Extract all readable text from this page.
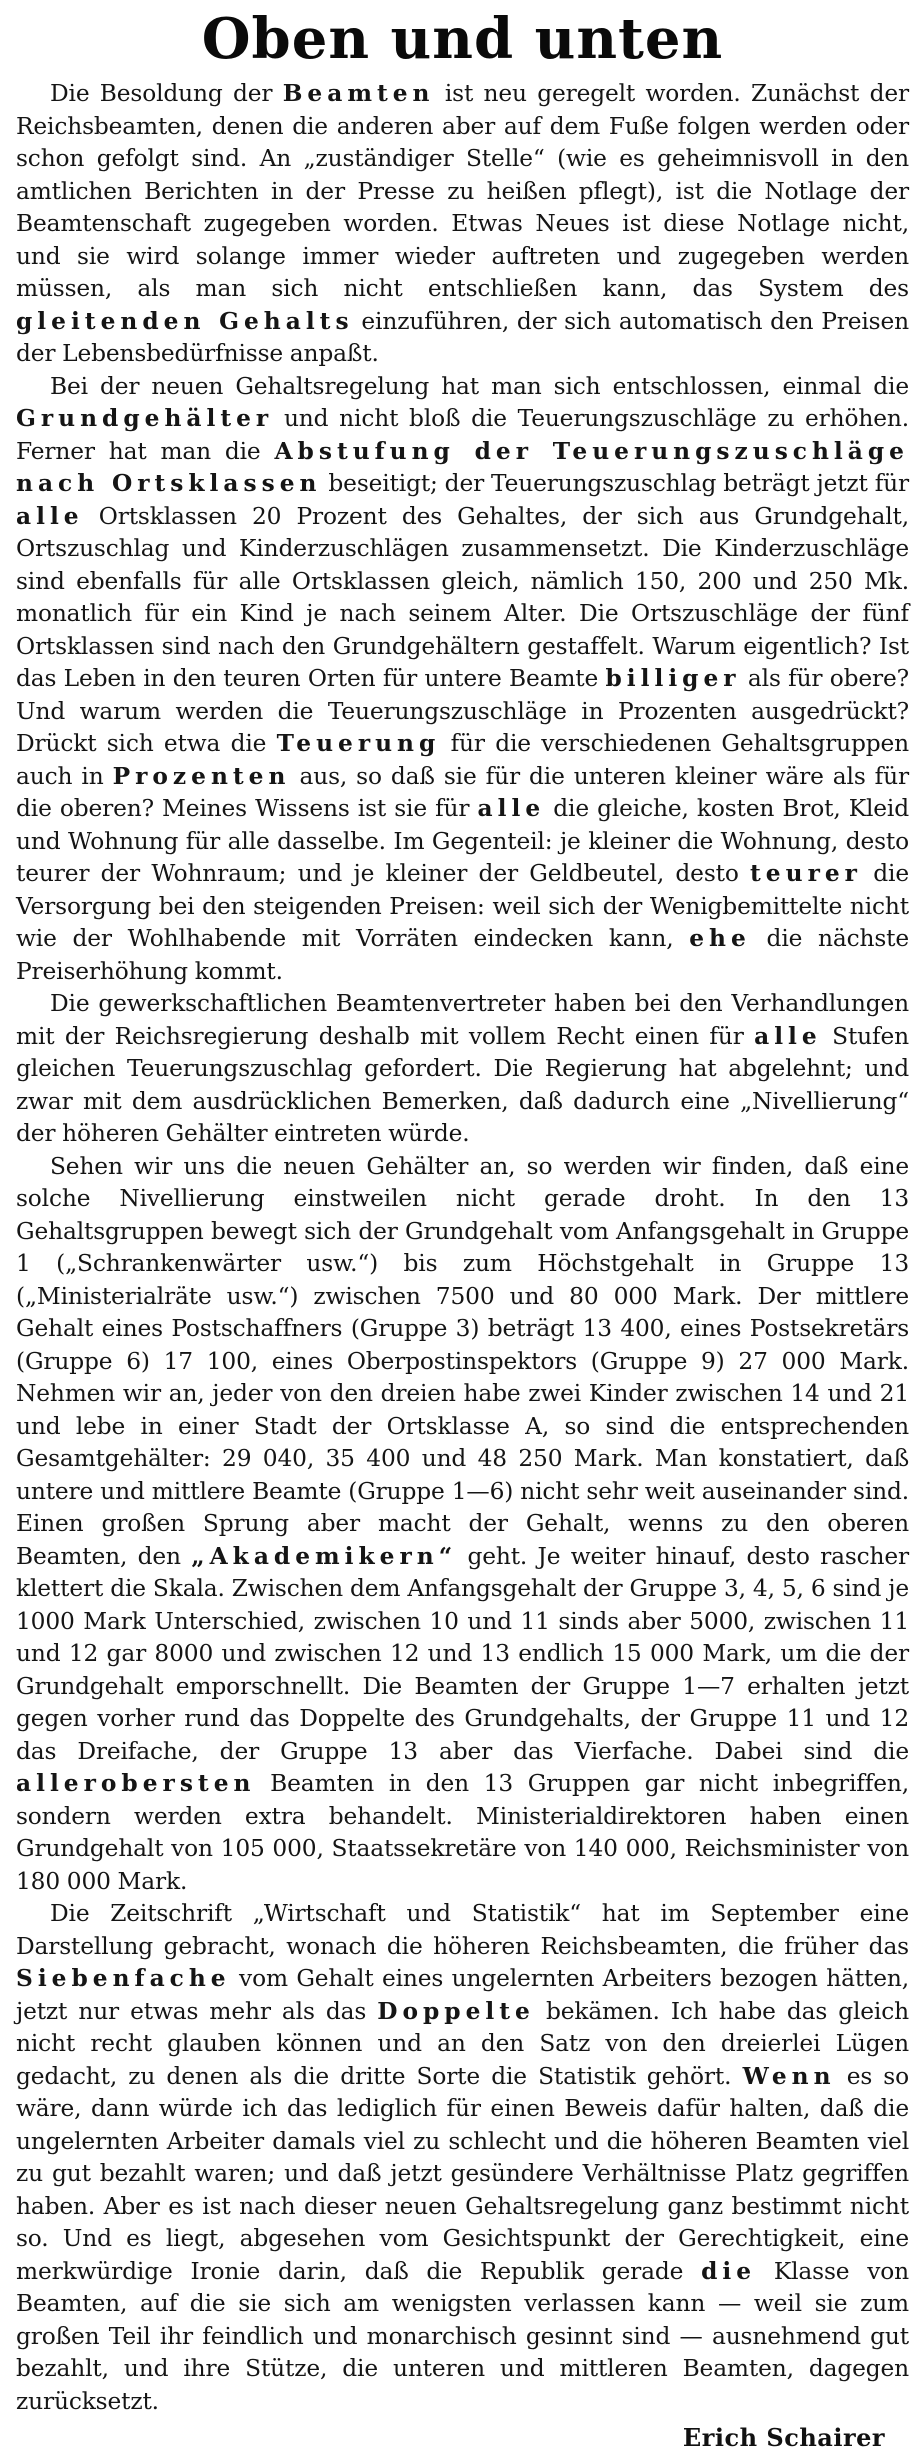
Oben und unten

Die Besoldung der Beamten ist neu geregelt worden. Zunächst der Reichsbeamten, denen die anderen aber auf dem Fuße folgen werden oder schon gefolgt sind. An „zuständiger Stelle“ (wie es geheimnisvoll in den amtlichen Berichten in der Presse zu heißen pflegt), ist die Notlage der Beamtenschaft zugegeben worden. Etwas Neues ist diese Notlage nicht, und sie wird solange immer wieder auftreten und zugegeben werden müssen, als man sich nicht entschließen kann, das System des gleitenden Gehalts einzuführen, der sich automatisch den Preisen der Lebensbedürfnisse anpaßt.

Bei der neuen Gehaltsregelung hat man sich entschlossen, einmal die Grundgehälter und nicht bloß die Teuerungszuschläge zu erhöhen. Ferner hat man die Abstufung der Teuerungszuschläge nach Ortsklassen beseitigt; der Teuerungszuschlag beträgt jetzt für alle Ortsklassen 20 Prozent des Gehaltes, der sich aus Grundgehalt, Ortszuschlag und Kinderzuschlägen zusammensetzt. Die Kinderzuschläge sind ebenfalls für alle Ortsklassen gleich, nämlich 150, 200 und 250 Mk. monatlich für ein Kind je nach seinem Alter. Die Ortszuschläge der fünf Ortsklassen sind nach den Grundgehältern gestaffelt. Warum eigentlich? Ist das Leben in den teuren Orten für untere Beamte billiger als für obere? Und warum werden die Teuerungszuschläge in Prozenten ausgedrückt? Drückt sich etwa die Teuerung für die verschiedenen Gehaltsgruppen auch in Prozenten aus, so daß sie für die unteren kleiner wäre als für die oberen? Meines Wissens ist sie für alle die gleiche, kosten Brot, Kleid und Wohnung für alle dasselbe. Im Gegenteil: je kleiner die Wohnung, desto teurer der Wohnraum; und je kleiner der Geldbeutel, desto teurer die Versorgung bei den steigenden Preisen: weil sich der Wenigbemittelte nicht wie der Wohlhabende mit Vorräten eindecken kann, ehe die nächste Preiserhöhung kommt.

Die gewerkschaftlichen Beamtenvertreter haben bei den Verhandlungen mit der Reichsregierung deshalb mit vollem Recht einen für alle Stufen gleichen Teuerungszuschlag gefordert. Die Regierung hat abgelehnt; und zwar mit dem ausdrücklichen Bemerken, daß dadurch eine „Nivellierung“ der höheren Gehälter eintreten würde.

Sehen wir uns die neuen Gehälter an, so werden wir finden, daß eine solche Nivellierung einstweilen nicht gerade droht. In den 13 Gehaltsgruppen bewegt sich der Grundgehalt vom Anfangsgehalt in Gruppe 1 („Schrankenwärter usw.“) bis zum Höchstgehalt in Gruppe 13 („Ministerialräte usw.“) zwischen 7500 und 80 000 Mark. Der mittlere Gehalt eines Postschaffners (Gruppe 3) beträgt 13 400, eines Postsekretärs (Gruppe 6) 17 100, eines Oberpostinspektors (Gruppe 9) 27 000 Mark. Nehmen wir an, jeder von den dreien habe zwei Kinder zwischen 14 und 21 und lebe in einer Stadt der Ortsklasse A, so sind die entsprechenden Gesamtgehälter: 29 040, 35 400 und 48 250 Mark. Man konstatiert, daß untere und mittlere Beamte (Gruppe 1—6) nicht sehr weit auseinander sind. Einen großen Sprung aber macht der Gehalt, wenns zu den oberen Beamten, den „Akademikern“ geht. Je weiter hinauf, desto rascher klettert die Skala. Zwischen dem Anfangsgehalt der Gruppe 3, 4, 5, 6 sind je 1000 Mark Unterschied, zwischen 10 und 11 sinds aber 5000, zwischen 11 und 12 gar 8000 und zwischen 12 und 13 endlich 15 000 Mark, um die der Grundgehalt emporschnellt. Die Beamten der Gruppe 1—7 erhalten jetzt gegen vorher rund das Doppelte des Grundgehalts, der Gruppe 11 und 12 das Dreifache, der Gruppe 13 aber das Vierfache. Dabei sind die allerobersten Beamten in den 13 Gruppen gar nicht inbegriffen, sondern werden extra behandelt. Ministerialdirektoren haben einen Grundgehalt von 105 000, Staatssekretäre von 140 000, Reichsminister von 180 000 Mark.

Die Zeitschrift „Wirtschaft und Statistik“ hat im September eine Darstellung gebracht, wonach die höheren Reichsbeamten, die früher das Siebenfache vom Gehalt eines ungelernten Arbeiters bezogen hätten, jetzt nur etwas mehr als das Doppelte bekämen. Ich habe das gleich nicht recht glauben können und an den Satz von den dreierlei Lügen gedacht, zu denen als die dritte Sorte die Statistik gehört. Wenn es so wäre, dann würde ich das lediglich für einen Beweis dafür halten, daß die ungelernten Arbeiter damals viel zu schlecht und die höheren Beamten viel zu gut bezahlt waren; und daß jetzt gesündere Verhältnisse Platz gegriffen haben. Aber es ist nach dieser neuen Gehaltsregelung ganz bestimmt nicht so. Und es liegt, abgesehen vom Gesichtspunkt der Gerechtigkeit, eine merkwürdige Ironie darin, daß die Republik gerade die Klasse von Beamten, auf die sie sich am wenigsten verlassen kann — weil sie zum großen Teil ihr feindlich und monarchisch gesinnt sind — ausnehmend gut bezahlt, und ihre Stütze, die unteren und mittleren Beamten, dagegen zurücksetzt.

Erich Schairer
